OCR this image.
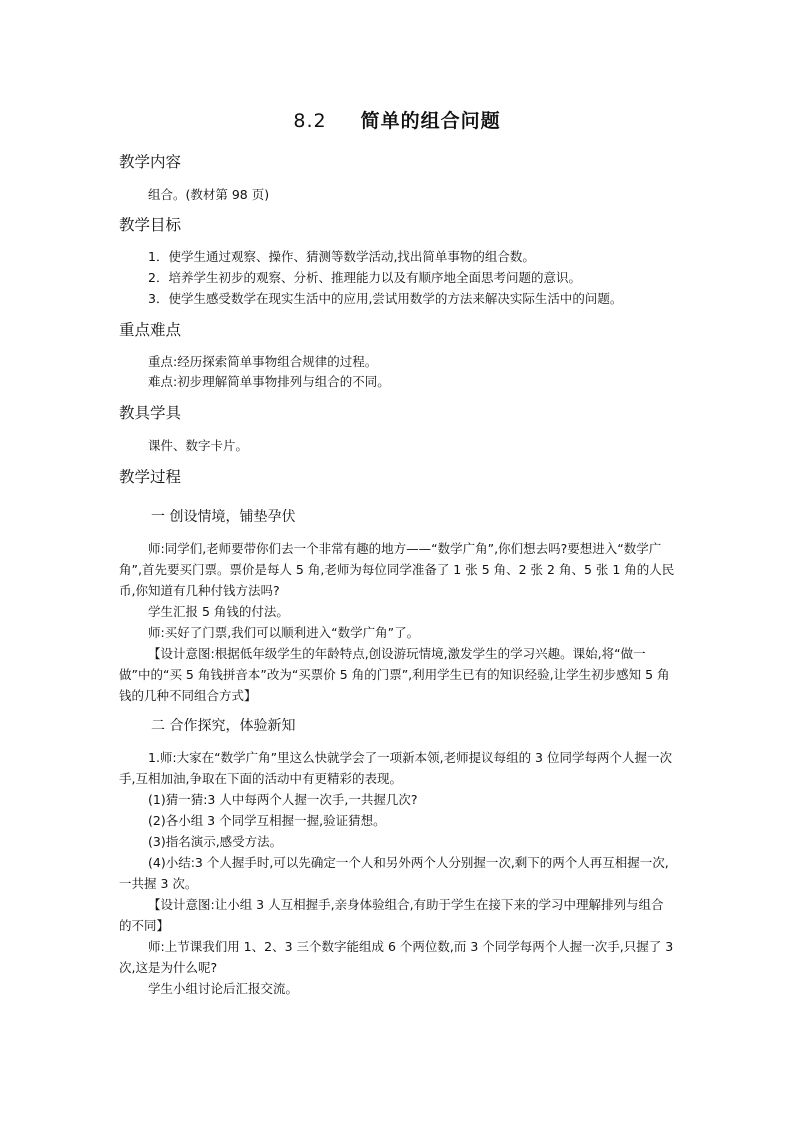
8.2 简单的组合问题
教学内容
组合。(教材第 98 页)
教学目标
1．使学生通过观察、操作、猜测等数学活动,找出简单事物的组合数。
2．培养学生初步的观察、分析、推理能力以及有顺序地全面思考问题的意识。
3．使学生感受数学在现实生活中的应用,尝试用数学的方法来解决实际生活中的问题。
重点难点
重点:经历探索简单事物组合规律的过程。
难点:初步理解简单事物排列与组合的不同。
教具学具
课件、数字卡片。
教学过程
一 创设情境，铺垫孕伏
师:同学们,老师要带你们去一个非常有趣的地方——“数学广角”,你们想去吗?要想进入“数学广角”,首先要买门票。票价是每人 5 角,老师为每位同学准备了 1 张 5 角、2 张 2 角、5 张 1 角的人民币,你知道有几种付钱方法吗?
学生汇报 5 角钱的付法。
师:买好了门票,我们可以顺利进入“数学广角”了。
【设计意图:根据低年级学生的年龄特点,创设游玩情境,激发学生的学习兴趣。课始,将“做一做”中的“买 5 角钱拼音本”改为“买票价 5 角的门票”,利用学生已有的知识经验,让学生初步感知 5 角钱的几种不同组合方式】
二 合作探究，体验新知
1.师:大家在“数学广角”里这么快就学会了一项新本领,老师提议每组的 3 位同学每两个人握一次手,互相加油,争取在下面的活动中有更精彩的表现。
(1)猜一猜:3 人中每两个人握一次手,一共握几次?
(2)各小组 3 个同学互相握一握,验证猜想。
(3)指名演示,感受方法。
(4)小结:3 个人握手时,可以先确定一个人和另外两个人分别握一次,剩下的两个人再互相握一次,一共握 3 次。
【设计意图:让小组 3 人互相握手,亲身体验组合,有助于学生在接下来的学习中理解排列与组合的不同】
师:上节课我们用 1、2、3 三个数字能组成 6 个两位数,而 3 个同学每两个人握一次手,只握了 3 次,这是为什么呢?
学生小组讨论后汇报交流。
